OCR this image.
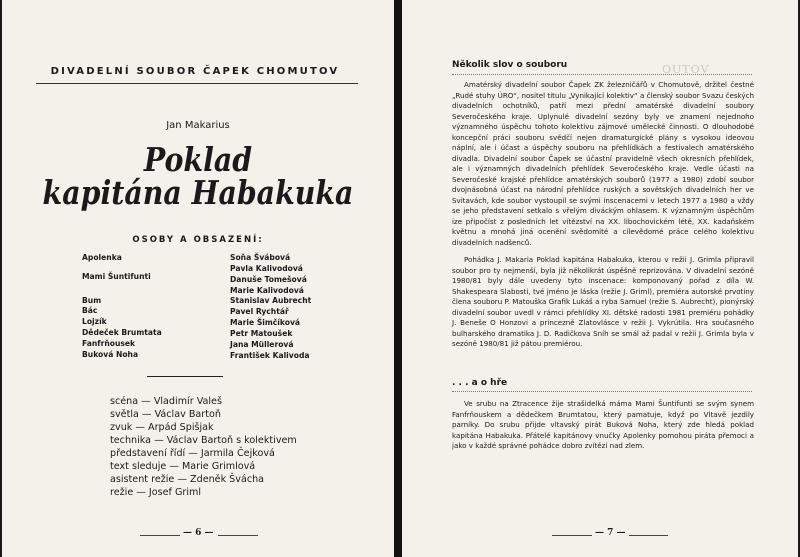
DIVADELNÍ SOUBOR ČAPEK CHOMUTOV
Jan Makarius
Poklad
kapitána Habakuka
OSOBY A OBSAZENÍ:
Apolenka	Soňa Švábová
Pavla Kalivodová
Mami Šuntifunti	Danuše Tomešová
Marie Kalivodová
Bum	Stanislav Aubrecht
Bác	Pavel Rychtář
Lojzík	Marie Šimčíková
Dědeček Brumtata	Petr Matoušek
Fanfrňousek	Jana Müllerová
Buková Noha	František Kalivoda
scéna — Vladimír Valeš
světla — Václav Bartoň
zvuk — Arpád Spišjak
technika — Václav Bartoň s kolektivem
představení řídí — Jarmila Čejková
text sleduje — Marie Grimlová
asistent režie — Zdeněk Švácha
režie — Josef Griml
— 6 —
OUTOV
Několik slov o souboru

Amatérský divadelní soubor Čapek ZK železničářů v Chomutově, držitel čestné „Rudé stuhy ÚRO“, nositel titulu „Vynikající kolektiv“ a členský soubor Svazu českých divadelních ochotníků, patří mezi přední amatérské divadelní soubory Severočeského kraje. Uplynulé divadelní sezóny byly ve znamení nejednoho významného úspěchu tohoto kolektivu zájmové umělecké činnosti. O dlouhodobé koncepční práci souboru svědčí nejen dramaturgické plány s vysokou ideovou náplní, ale i účast a úspěchy souboru na přehlídkách a festivalech amatérského divadla. Divadelní soubor Čapek se účastní pravidelně všech okresních přehlídek, ale i významných divadelních přehlídek Severočeského kraje. Vedle účasti na Severočeské krajské přehlídce amatérských souborů (1977 a 1980) zdobí soubor dvojnásobná účast na národní přehlídce ruských a sovětských divadelních her ve Svitavách, kde soubor vystoupil se svými inscenacemi v letech 1977 a 1980 a vždy se jeho představení setkalo s vřelým diváckým ohlasem. K významným úspěchům ize připočíst z posledních let vítězství na XX. libochovickém létě, XX. kadaňském květnu a mnohá jiná ocenění svědomité a cílevědomé práce celého kolektivu divadelních nadšenců.

Pohádka J. Makaria Poklad kapitána Habakuka, kterou v režii J. Grimla připravil soubor pro ty nejmenší, byla již několikrát úspěšně reprizována. V divadelní sezóně 1980/81 byly dále uvedeny tyto inscenace: komponovaný pořad z díla W. Shakespeara Slabosti, tvé jméno je láska (režie J. Griml), premiéra autorské prvotiny člena souboru P. Matouška Grafik Lukáš a ryba Samuel (režie S. Aubrecht), pionýrský divadelní soubor uvedl v rámci přehlídky XI. dětské radosti 1981 premiéru pohádky J. Beneše O Honzovi a princezně Zlatovlásce v režii J. Vykrútila. Hra současného bulharského dramatika J. D. Radičkova Sníh se smál až padal v režii J. Grimla byla v sezóně 1980/81 již pátou premiérou.

. . . a o hře

Ve srubu na Ztracence žije strašidelká máma Mami Šuntifunti se svým synem Fanfrňouskem a dědečkem Brumtatou, který pamatuje, když po Vltavě jezdily parníky. Do srubu přijde vltavský pirát Buková Noha, který zde hledá poklad kapitána Habakuka. Přátelé kapitánovy vnučky Apolenky pomohou piráta přemoci a jako v každé správné pohádce dobro zvítězí nad zlem.

— 7 —
